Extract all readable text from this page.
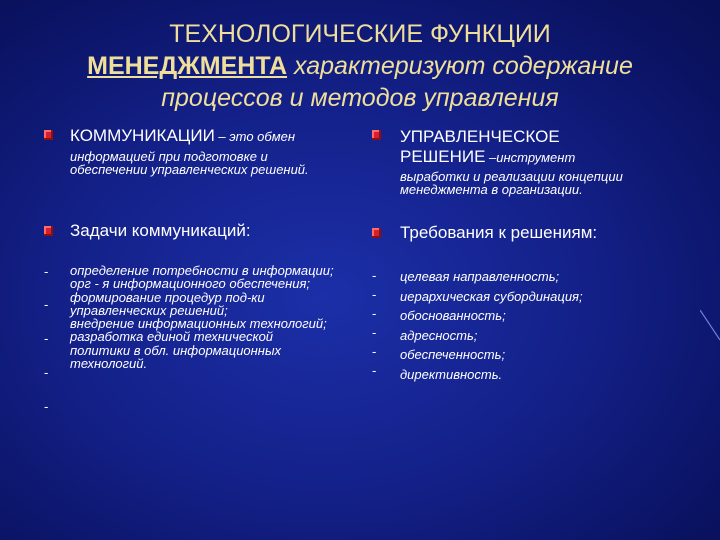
ТЕХНОЛОГИЧЕСКИЕ ФУНКЦИИ
МЕНЕДЖМЕНТА характеризуют содержание
процессов и методов управления
КОММУНИКАЦИИ – это обмен
информацией при подготовке и обеспечении управленческих решений.
Задачи коммуникаций:
-
-
-
-
-
определение потребности в информации;
орг - я информационного обеспечения;
формирование процедур под-ки управленческих решений;
внедрение информационных технологий;
разработка единой технической политики в обл. информационных технологий.
УПРАВЛЕНЧЕСКОЕ
РЕШЕНИЕ –инструмент
выработки и реализации концепции менеджмента в организации.
Требования к решениям:
-
-
-
-
-
-
целевая направленность;
иерархическая субординация;
обоснованность;
адресность;
обеспеченность;
директивность.
